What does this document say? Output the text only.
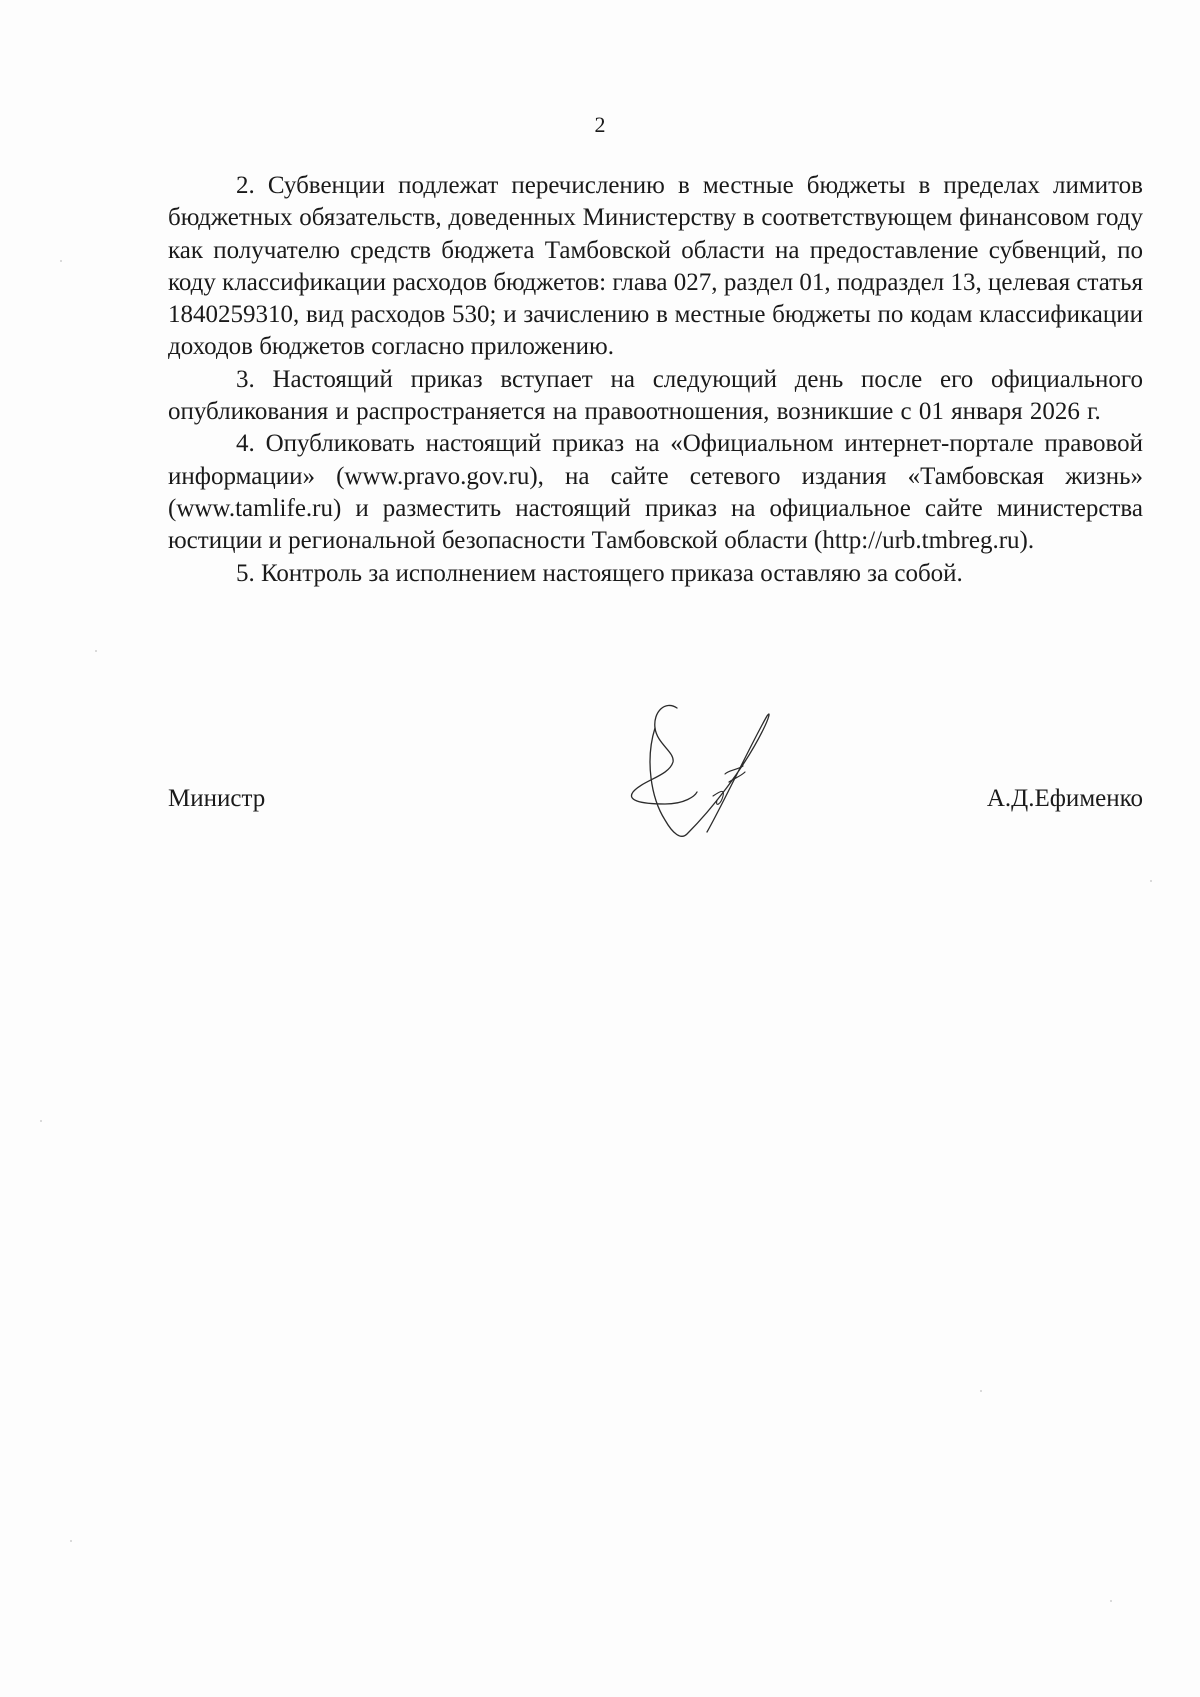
2

2. Субвенции подлежат перечислению в местные бюджеты в пределах лимитов бюджетных обязательств, доведенных Министерству в соответствующем финансовом году как получателю средств бюджета Тамбовской области на предоставление субвенций, по коду классификации расходов бюджетов: глава 027, раздел 01, подраздел 13, целевая статья 1840259310, вид расходов 530; и зачислению в местные бюджеты по кодам классификации доходов бюджетов согласно приложению.

3. Настоящий приказ вступает на следующий день после его официального опубликования и распространяется на правоотношения, возникшие с 01 января 2026 г.

4. Опубликовать настоящий приказ на «Официальном интернет-портале правовой информации» (www.pravo.gov.ru), на сайте сетевого издания «Тамбовская жизнь» (www.tamlife.ru) и разместить настоящий приказ на официальное сайте министерства юстиции и региональной безопасности Тамбовской области (http://urb.tmbreg.ru).

5. Контроль за исполнением настоящего приказа оставляю за собой.

Министр	А.Д.Ефименко
